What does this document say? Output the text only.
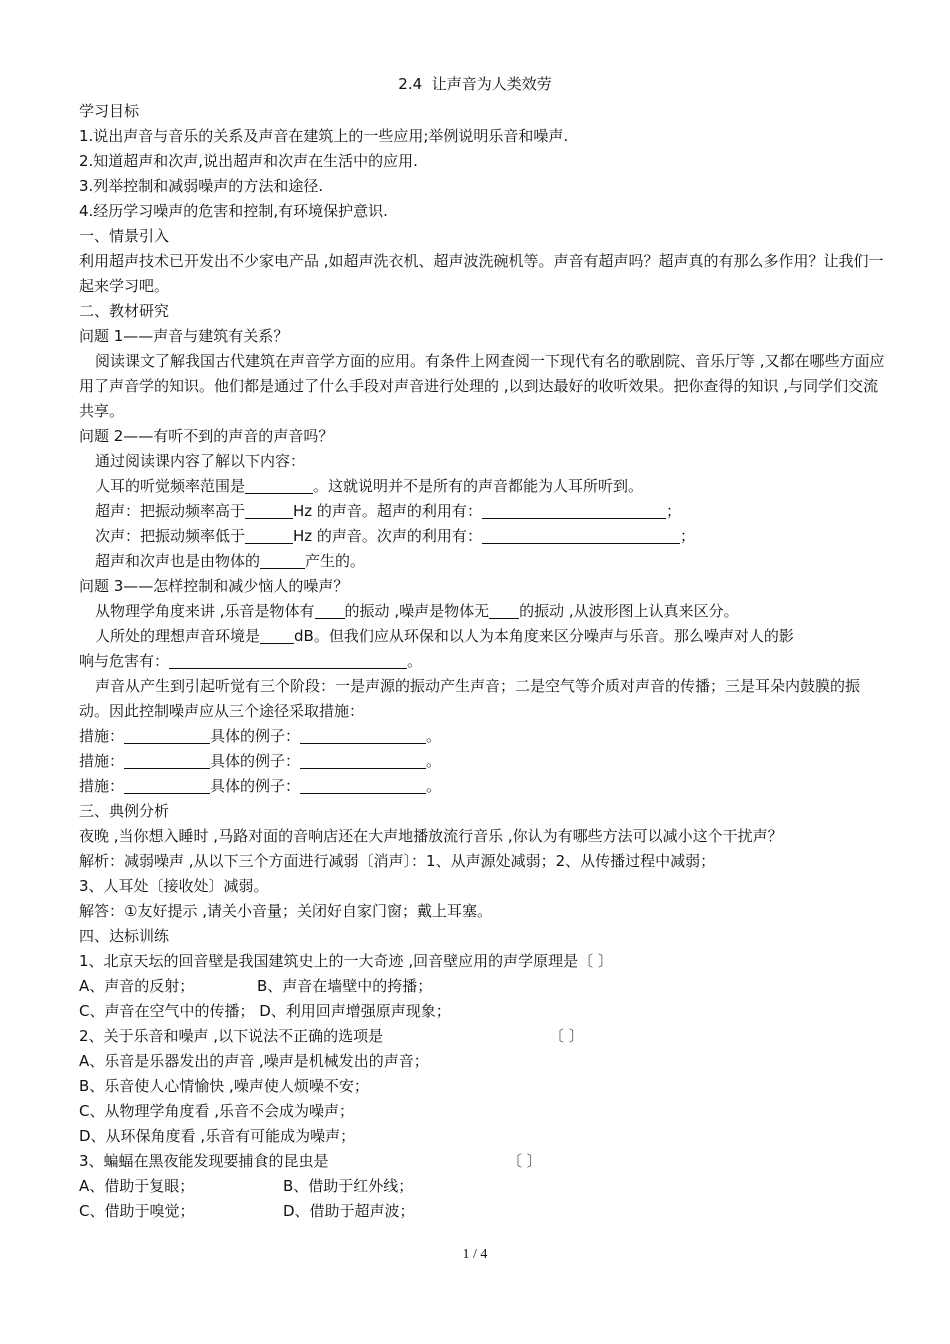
2.4  让声音为人类效劳
学习目标
1.说出声音与音乐的关系及声音在建筑上的一些应用;举例说明乐音和噪声.
2.知道超声和次声,说出超声和次声在生活中的应用.
3.列举控制和减弱噪声的方法和途径.
4.经历学习噪声的危害和控制,有环境保护意识.
一、情景引入
利用超声技术已开发出不少家电产品 ,如超声洗衣机、超声波洗碗机等。声音有超声吗？超声真的有那么多作用？让我们一起来学习吧。
二、教材研究
问题 1——声音与建筑有关系？
阅读课文了解我国古代建筑在声音学方面的应用。有条件上网查阅一下现代有名的歌剧院、音乐厅等 ,又都在哪些方面应用了声音学的知识。他们都是通过了什么手段对声音进行处理的 ,以到达最好的收听效果。把你查得的知识 ,与同学们交流共享。
问题 2——有听不到的声音的声音吗？
通过阅读课内容了解以下内容：
人耳的听觉频率范围是	。这就说明并不是所有的声音都能为人耳所听到。
超声：把振动频率高于	Hz 的声音。超声的利用有：	；
次声：把振动频率低于	Hz 的声音。次声的利用有：	；
超声和次声也是由物体的	产生的。
问题 3——怎样控制和减少恼人的噪声？
从物理学角度来讲 ,乐音是物体有 的振动 ,噪声是物体无 的振动 ,从波形图上认真来区分。
人所处的理想声音环境是 dB。但我们应从环保和以人为本角度来区分噪声与乐音。那么噪声对人的影
响与危害有：	。
声音从产生到引起听觉有三个阶段：一是声源的振动产生声音；二是空气等介质对声音的传播；三是耳朵内鼓膜的振动。因此控制噪声应从三个途径采取措施：
措施：	具体的例子：	。
措施：	具体的例子：	。
措施：	具体的例子：	。
三、典例分析
夜晚 ,当你想入睡时 ,马路对面的音响店还在大声地播放流行音乐 ,你认为有哪些方法可以减小这个干扰声？
解析：减弱噪声 ,从以下三个方面进行减弱〔消声〕：1、从声源处减弱；2、从传播过程中减弱；
3、人耳处〔接收处〕减弱。
解答：①友好提示 ,请关小音量；关闭好自家门窗；戴上耳塞。
四、达标训练
1、北京天坛的回音壁是我国建筑史上的一大奇迹 ,回音壁应用的声学原理是〔 〕
A、声音的反射；	B、声音在墙壁中的挎播；
C、声音在空气中的传播； D、利用回声增强原声现象；
2、关于乐音和噪声 ,以下说法不正确的选项是	〔 〕
A、乐音是乐器发出的声音 ,噪声是机械发出的声音；
B、乐音使人心情愉快 ,噪声使人烦噪不安；
C、从物理学角度看 ,乐音不会成为噪声；
D、从环保角度看 ,乐音有可能成为噪声；
3、蝙蝠在黑夜能发现要捕食的昆虫是	〔 〕
A、借助于复眼；	B、借助于红外线；
C、借助于嗅觉；	D、借助于超声波；
1 / 4
